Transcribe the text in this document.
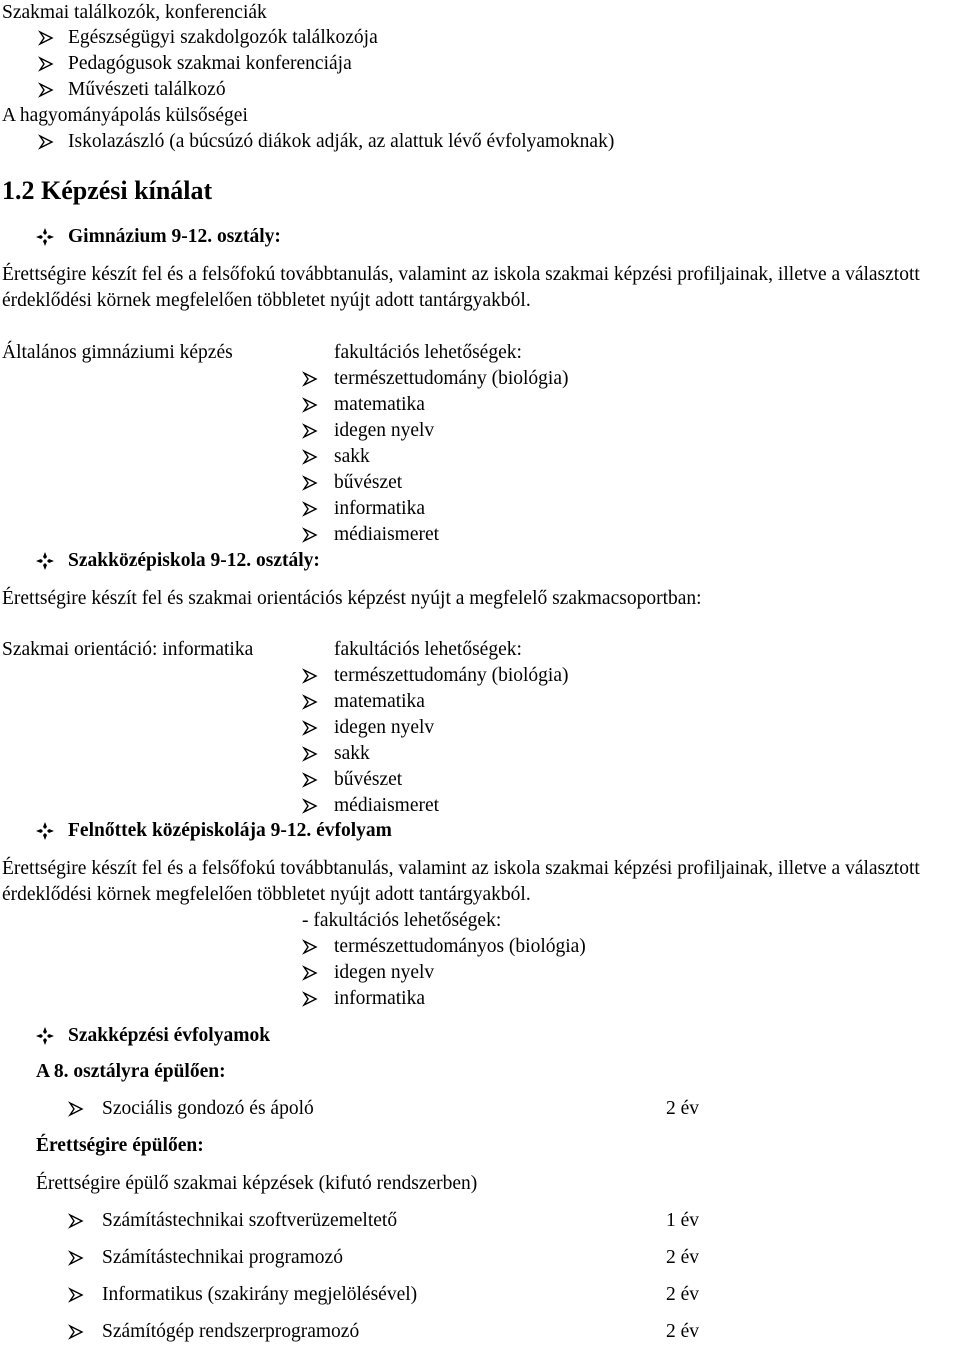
Szakmai találkozók, konferenciák
Egészségügyi szakdolgozók találkozója
Pedagógusok szakmai konferenciája
Művészeti találkozó
A hagyományápolás külsőségei
Iskolazászló (a búcsúzó diákok adják, az alattuk lévő évfolyamoknak)
1.2 Képzési kínálat
Gimnázium 9-12. osztály:
Érettségire készít fel és a felsőfokú továbbtanulás, valamint az iskola szakmai képzési profiljainak, illetve a választott érdeklődési körnek megfelelően többletet nyújt adott tantárgyakból.
Általános gimnáziumi képzés	fakultációs lehetőségek:
természettudomány (biológia)
matematika
idegen nyelv
sakk
bűvészet
informatika
médiaismeret
Szakközépiskola 9-12. osztály:
Érettségire készít fel és szakmai orientációs képzést nyújt a megfelelő szakmacsoportban:
Szakmai orientáció: informatika	fakultációs lehetőségek:
természettudomány (biológia)
matematika
idegen nyelv
sakk
bűvészet
médiaismeret
Felnőttek középiskolája 9-12. évfolyam
Érettségire készít fel és a felsőfokú továbbtanulás, valamint az iskola szakmai képzési profiljainak, illetve a választott érdeklődési körnek megfelelően többletet nyújt adott tantárgyakból.
- fakultációs lehetőségek:
természettudományos (biológia)
idegen nyelv
informatika
Szakképzési évfolyamok
A 8. osztályra épülően:
Szociális gondozó és ápoló	2 év
Érettségire épülően:
Érettségire épülő szakmai képzések (kifutó rendszerben)
Számítástechnikai szoftverüzemeltető	1 év
Számítástechnikai programozó	2 év
Informatikus (szakirány megjelölésével)	2 év
Számítógép rendszerprogramozó	2 év
